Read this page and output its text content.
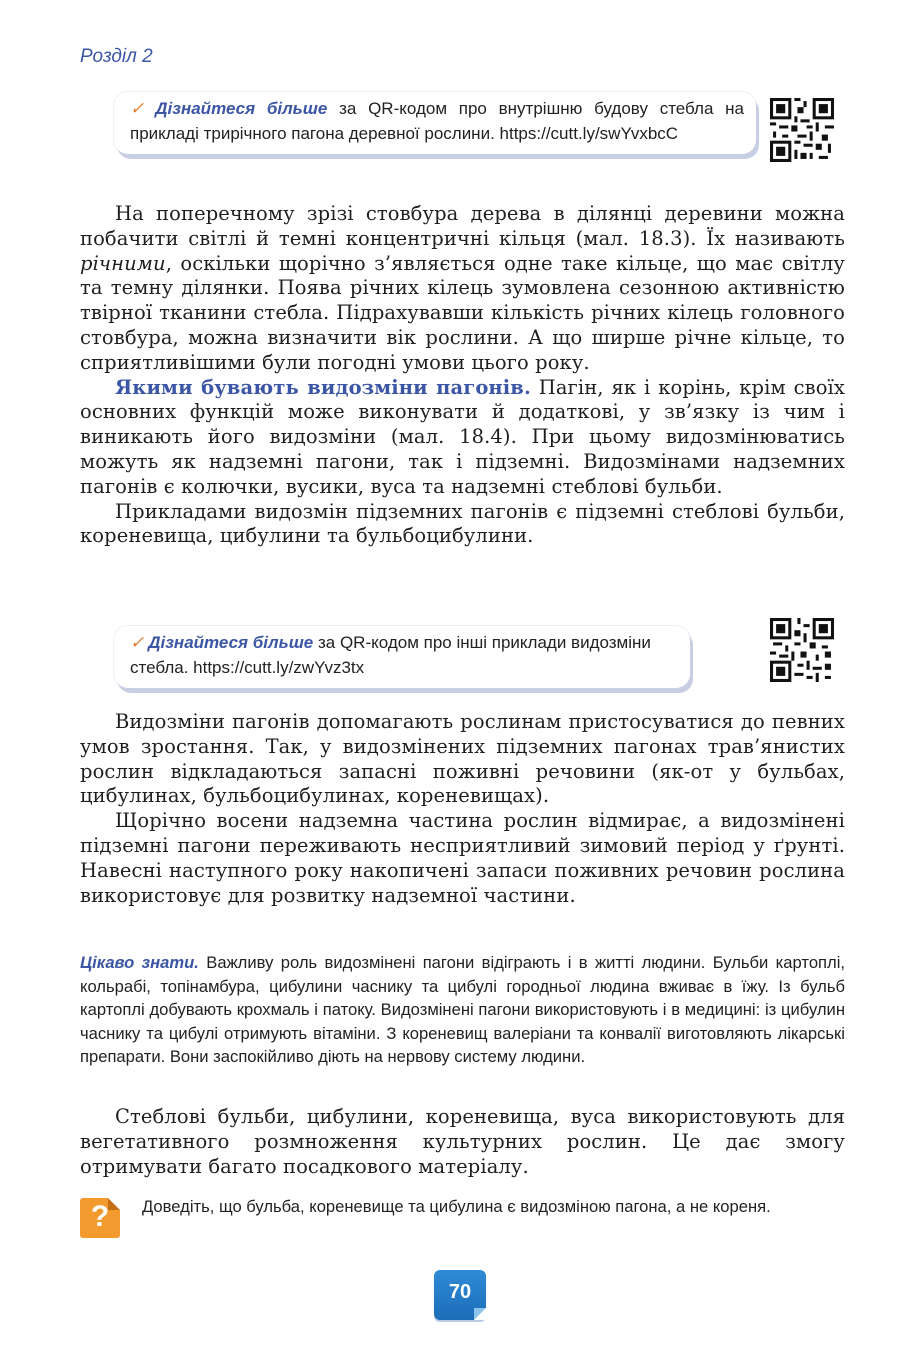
Розділ 2
✓ Дізнайтеся більше за QR-кодом про внутрішню будову стебла на прикладі трирічного пагона деревної рослини. https://cutt.ly/swYvxbcC

На поперечному зрізі стовбура дерева в ділянці деревини можна побачити світлі й темні концентричні кільця (мал. 18.3). Їх називають річними, оскільки щорічно з’являється одне таке кільце, що має світлу та темну ділянки. Поява річних кілець зумовлена сезонною активністю твірної тканини стебла. Підрахувавши кількість річних кілець головного стовбура, можна визначити вік рослини. А що ширше річне кільце, то сприятливішими були погодні умови цього року.

Якими бувають видозміни пагонів. Пагін, як і корінь, крім своїх основних функцій може виконувати й додаткові, у зв’язку із чим і виникають його видозміни (мал. 18.4). При цьому видозмінюватись можуть як надземні пагони, так і підземні. Видозмінами надземних пагонів є колючки, вусики, вуса та надземні стеблові бульби.

Прикладами видозмін підземних пагонів є підземні стеблові бульби, кореневища, цибулини та бульбоцибулини.

✓ Дізнайтеся більше за QR-кодом про інші приклади видозміни стебла. https://cutt.ly/zwYvz3tx

Видозміни пагонів допомагають рослинам пристосуватися до певних умов зростання. Так, у видозмінених підземних пагонах трав’янистих рослин відкладаються запасні поживні речовини (як-от у бульбах, цибулинах, бульбоцибулинах, кореневищах).

Щорічно восени надземна частина рослин відмирає, а видозмінені підземні пагони переживають несприятливий зимовий період у ґрунті. Навесні наступного року накопичені запаси поживних речовин рослина використовує для розвитку надземної частини.

Цікаво знати. Важливу роль видозмінені пагони відіграють і в житті людини. Бульби картоплі, кольрабі, топінамбура, цибулини часнику та цибулі городньої людина вживає в їжу. Із бульб картоплі добувають крохмаль і патоку. Видозмінені пагони використовують і в медицині: із цибулин часнику та цибулі отримують вітаміни. З кореневищ валеріани та конвалії виготовляють лікарські препарати. Вони заспокійливо діють на нервову систему людини.

Стеблові бульби, цибулини, кореневища, вуса використовують для вегетативного розмноження культурних рослин. Це дає змогу отримувати багато посадкового матеріалу.

?	Доведіть, що бульба, кореневище та цибулина є видозміною пагона, а не кореня.
70
